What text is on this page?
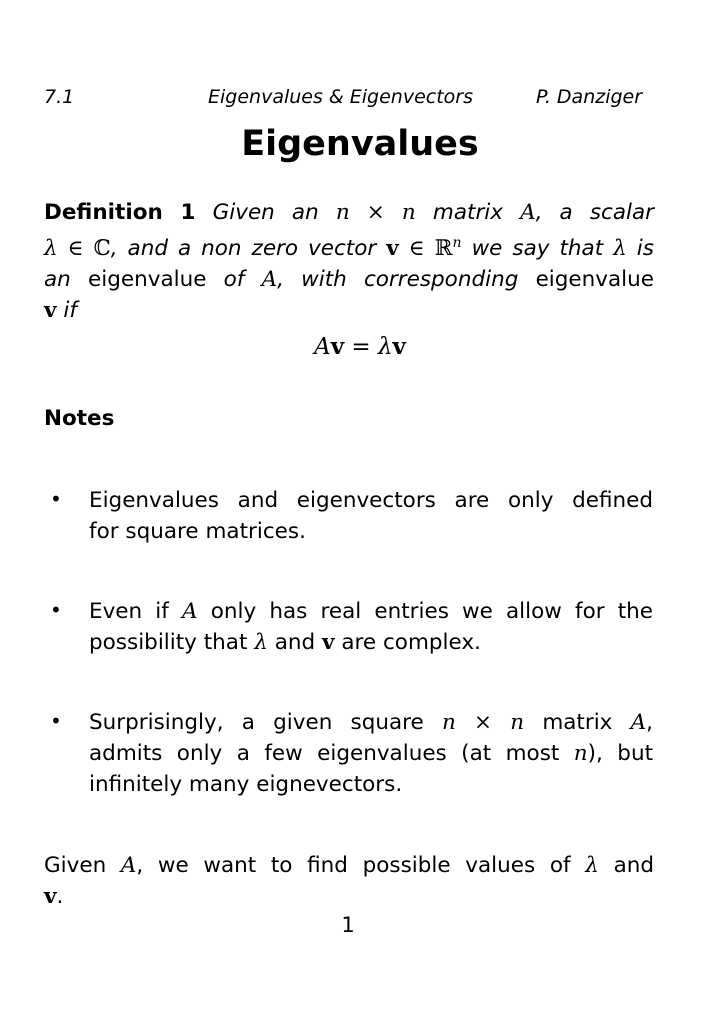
7.1	Eigenvalues & Eigenvectors	P. Danziger
Eigenvalues
Definition 1 Given an n × n matrix A, a scalar
λ ∈ ℂ, and a non zero vector v ∈ ℝ$^n$ we say that λ is
an eigenvalue of A, with corresponding eigenvalue
v if
Av = λv
Notes
• Eigenvalues and eigenvectors are only defined
for square matrices.
• Even if A only has real entries we allow for the
possibility that λ and v are complex.
• Surprisingly, a given square n × n matrix A,
admits only a few eigenvalues (at most n), but
infinitely many eignevectors.
Given A, we want to find possible values of λ and
v.
1
